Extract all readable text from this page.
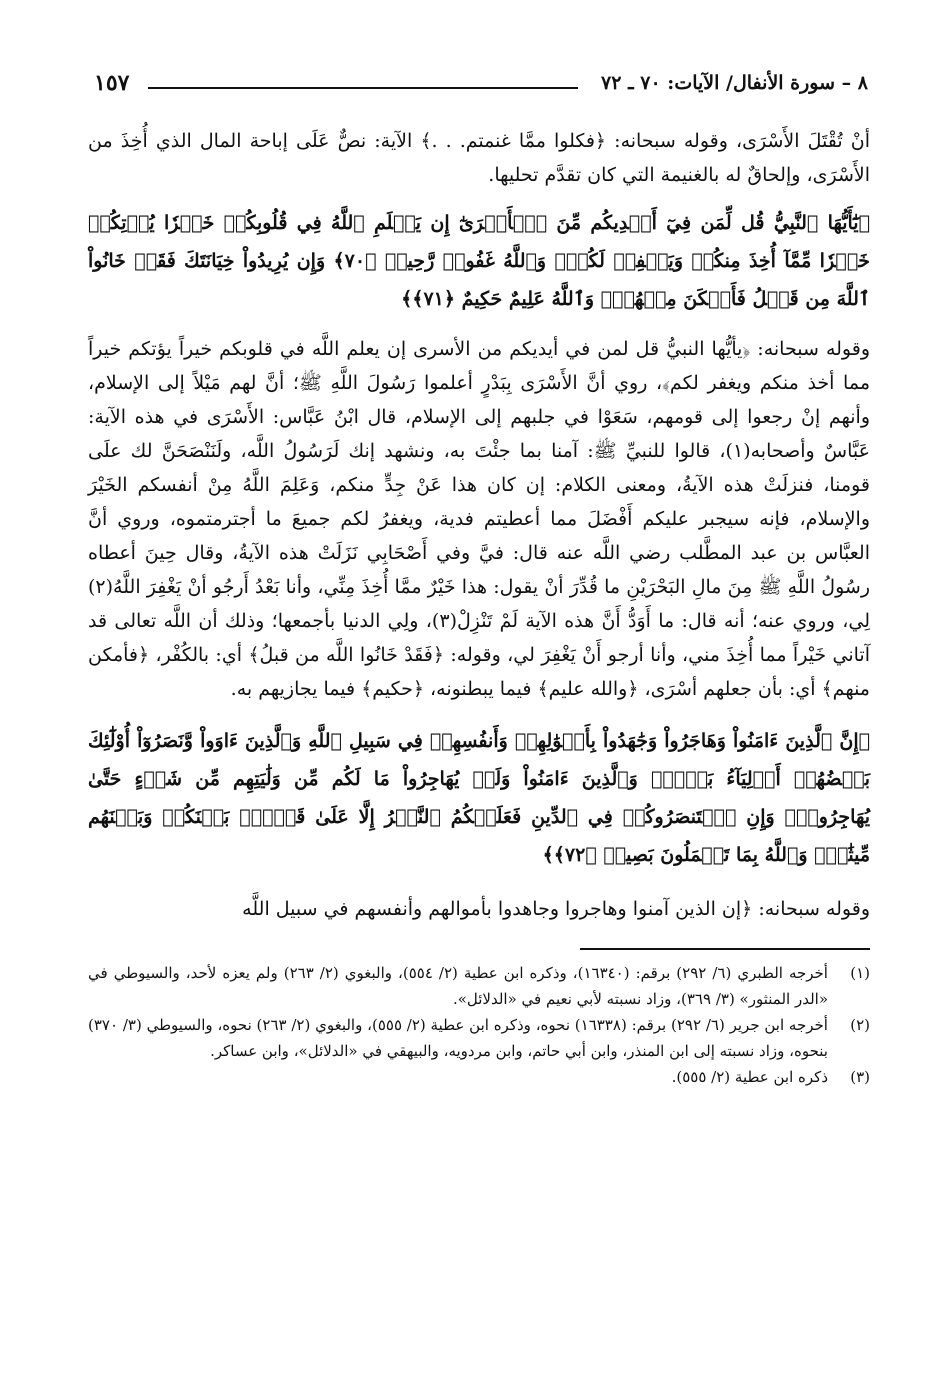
٨ – سورة الأنفال/ الآيات: ٧٠ ـ ٧٢
١٥٧

أنْ تُقْتَلَ الأَسْرَى، وقوله سبحانه: ﴿فكلوا ممَّا غنمتم. . .﴾ الآية: نصٌّ عَلَى إباحة المال الذي أُخِذَ من الأَسْرَى، وإلحاقٌ له بالغنيمة التي كان تقدَّم تحليها.

﴿يَٰٓأَيُّهَا ٱلنَّبِيُّ قُل لِّمَن فِيٓ أَيۡدِيكُم مِّنَ ٱلۡأَسۡرَىٰٓ إِن يَعۡلَمِ ٱللَّهُ فِي قُلُوبِكُمۡ خَيۡرٗا يُؤۡتِكُمۡ خَيۡرٗا مِّمَّآ أُخِذَ مِنكُمۡ وَيَغۡفِرۡ لَكُمۡۚ وَٱللَّهُ غَفُورٞ رَّحِيمٞ ﴿٧٠﴾ وَإِن يُرِيدُواْ خِيَانَتَكَ فَقَدۡ خَانُواْ ٱللَّهَ مِن قَبۡلُ فَأَمۡكَنَ مِنۡهُمۡۗ وَٱللَّهُ عَلِيمٌ حَكِيمٌ ﴿٧١﴾﴾

وقوله سبحانه: ﴿يأيُّها النبيُّ قل لمن في أيديكم من الأسرى إن يعلم اللَّه في قلوبكم خيراً يؤتكم خيراً مما أخذ منكم ويغفر لكم﴾، روي أنَّ الأَسْرَى بِبَدْرٍ أعلموا رَسُولَ اللَّهِ ﷺ؛ أنَّ لهم مَيْلاً إلى الإسلام، وأنهم إنْ رجعوا إلى قومهم، سَعَوْا في جلبهم إلى الإسلام، قال ابْنُ عَبَّاس: الأَسْرَى في هذه الآية: عَبَّاسٌ وأصحابه(١)، قالوا للنبيِّ ﷺ: آمنا بما جئْتَ به، ونشهد إنك لَرَسُولُ اللَّه، ولَنَنْصَحَنَّ لك علَى قومنا، فنزلَتْ هذه الآيةُ، ومعنى الكلام: إن كان هذا عَنْ جِدٍّ منكم، وَعَلِمَ اللَّهُ مِنْ أنفسكم الخَيْرَ والإسلام، فإنه سيجبر عليكم أَفْضَلَ مما أعطيتم فدية، ويغفرُ لكم جميعَ ما أجترمتموه، وروي أنَّ العبَّاس بن عبد المطَّلب رضي اللَّه عنه قال: فيَّ وفي أَصْحَابِي نَزَلَتْ هذه الآيةُ، وقال حِينَ أعطاه رسُولُ اللَّهِ ﷺ مِنَ مالِ البَحْرَيْنِ ما قُدِّرَ أنْ يقول: هذا خَيْرٌ ممَّا أُخِذَ مِنِّي، وأنا بَعْدُ أَرجُو أنْ يَغْفِرَ اللَّهُ(٢) لِي، وروي عنه؛ أنه قال: ما أَوَدُّ أَنَّ هذه الآية لَمْ تَنْزِلْ(٣)، ولِي الدنيا بأجمعها؛ وذلك أن اللَّه تعالى قد آتاني خَيْراً مما أُخِذَ مني، وأنا أرجو أَنْ يَغْفِرَ لي، وقوله: ﴿فَقَدْ خَانُوا اللَّه من قبلُ﴾ أي: بالكُفْر، ﴿فأمكن منهم﴾ أي: بأن جعلهم أسْرَى، ﴿والله عليم﴾ فيما يبطنونه، ﴿حكيم﴾ فيما يجازيهم به.

﴿إِنَّ ٱلَّذِينَ ءَامَنُواْ وَهَاجَرُواْ وَجَٰهَدُواْ بِأَمۡوَٰلِهِمۡ وَأَنفُسِهِمۡ فِي سَبِيلِ ٱللَّهِ وَٱلَّذِينَ ءَاوَواْ وَّنَصَرُوٓاْ أُوْلَٰٓئِكَ بَعۡضُهُمۡ أَوۡلِيَآءُ بَعۡضٖۚ وَٱلَّذِينَ ءَامَنُواْ وَلَمۡ يُهَاجِرُواْ مَا لَكُم مِّن وَلَٰيَتِهِم مِّن شَيۡءٍ حَتَّىٰ يُهَاجِرُواْۚ وَإِنِ ٱسۡتَنصَرُوكُمۡ فِي ٱلدِّينِ فَعَلَيۡكُمُ ٱلنَّصۡرُ إِلَّا عَلَىٰ قَوۡمِۭ بَيۡنَكُمۡ وَبَيۡنَهُم مِّيثَٰقٞۗ وَٱللَّهُ بِمَا تَعۡمَلُونَ بَصِيرٞ ﴿٧٢﴾﴾

وقوله سبحانه: ﴿إن الذين آمنوا وهاجروا وجاهدوا بأموالهم وأنفسهم في سبيل اللَّه

(١)
أخرجه الطبري (٦/ ٢٩٢) برقم: (١٦٣٤٠)، وذكره ابن عطية (٢/ ٥٥٤)، والبغوي (٢/ ٢٦٣) ولم يعزه لأحد، والسيوطي في «الدر المنثور» (٣/ ٣٦٩)، وزاد نسبته لأبي نعيم في «الدلائل».
(٢)
أخرجه ابن جرير (٦/ ٢٩٢) برقم: (١٦٣٣٨) نحوه، وذكره ابن عطية (٢/ ٥٥٥)، والبغوي (٢/ ٢٦٣) نحوه، والسيوطي (٣/ ٣٧٠) بنحوه، وزاد نسبته إلى ابن المنذر، وابن أبي حاتم، وابن مردويه، والبيهقي في «الدلائل»، وابن عساكر.
(٣)
ذكره ابن عطية (٢/ ٥٥٥).
